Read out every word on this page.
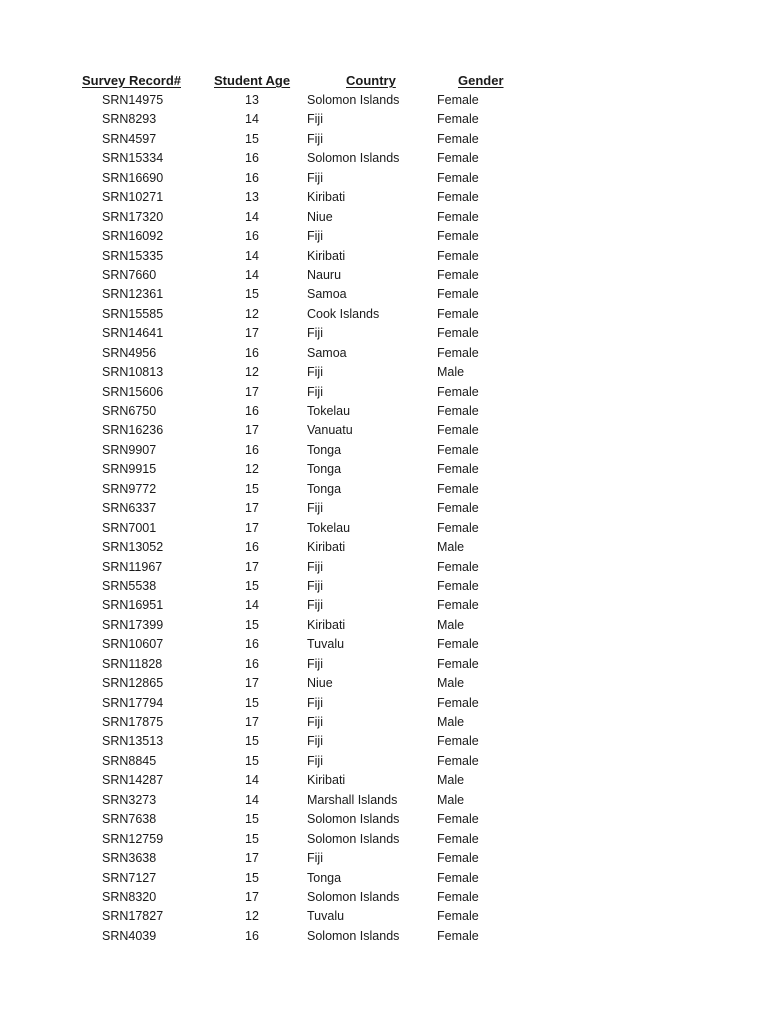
Survey Record#	Student Age	Country	Gender
SRN14975	13	Solomon Islands	Female
SRN8293	14	Fiji	Female
SRN4597	15	Fiji	Female
SRN15334	16	Solomon Islands	Female
SRN16690	16	Fiji	Female
SRN10271	13	Kiribati	Female
SRN17320	14	Niue	Female
SRN16092	16	Fiji	Female
SRN15335	14	Kiribati	Female
SRN7660	14	Nauru	Female
SRN12361	15	Samoa	Female
SRN15585	12	Cook Islands	Female
SRN14641	17	Fiji	Female
SRN4956	16	Samoa	Female
SRN10813	12	Fiji	Male
SRN15606	17	Fiji	Female
SRN6750	16	Tokelau	Female
SRN16236	17	Vanuatu	Female
SRN9907	16	Tonga	Female
SRN9915	12	Tonga	Female
SRN9772	15	Tonga	Female
SRN6337	17	Fiji	Female
SRN7001	17	Tokelau	Female
SRN13052	16	Kiribati	Male
SRN11967	17	Fiji	Female
SRN5538	15	Fiji	Female
SRN16951	14	Fiji	Female
SRN17399	15	Kiribati	Male
SRN10607	16	Tuvalu	Female
SRN11828	16	Fiji	Female
SRN12865	17	Niue	Male
SRN17794	15	Fiji	Female
SRN17875	17	Fiji	Male
SRN13513	15	Fiji	Female
SRN8845	15	Fiji	Female
SRN14287	14	Kiribati	Male
SRN3273	14	Marshall Islands	Male
SRN7638	15	Solomon Islands	Female
SRN12759	15	Solomon Islands	Female
SRN3638	17	Fiji	Female
SRN7127	15	Tonga	Female
SRN8320	17	Solomon Islands	Female
SRN17827	12	Tuvalu	Female
SRN4039	16	Solomon Islands	Female
